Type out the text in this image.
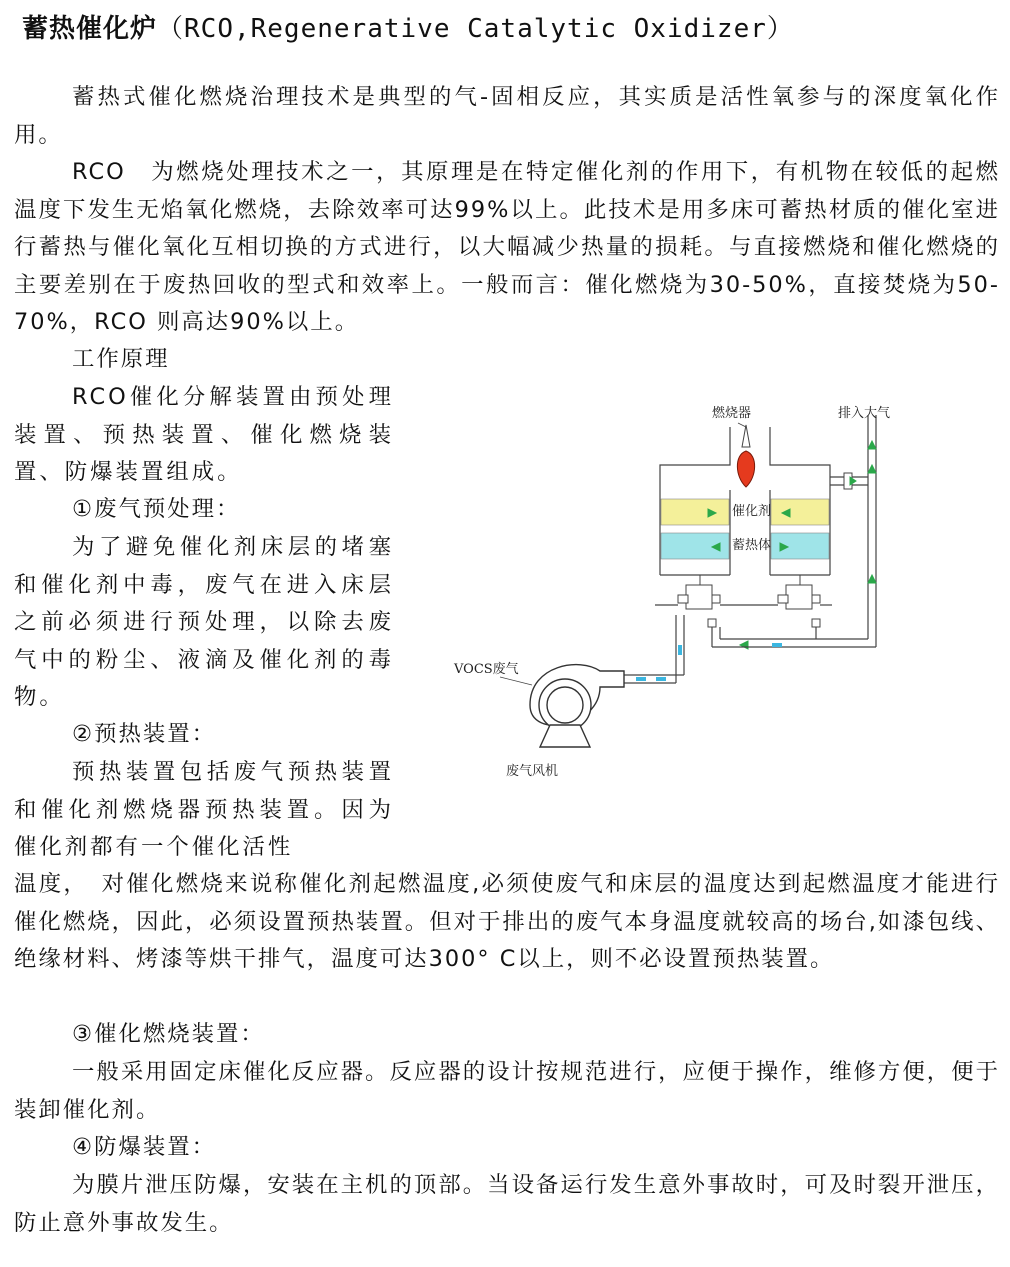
蓄热催化炉（RCO,Regenerative Catalytic Oxidizer）

蓄热式催化燃烧治理技术是典型的气-固相反应，其实质是活性氧参与的深度氧化作用。

RCO　为燃烧处理技术之一，其原理是在特定催化剂的作用下，有机物在较低的起燃温度下发生无焰氧化燃烧，去除效率可达99%以上。此技术是用多床可蓄热材质的催化室进行蓄热与催化氧化互相切换的方式进行，以大幅减少热量的损耗。与直接燃烧和催化燃烧的主要差别在于废热回收的型式和效率上。一般而言：催化燃烧为30-50%，直接焚烧为50-70%，RCO 则高达90%以上。

工作原理

RCO催化分解装置由预处理装置、预热装置、催化燃烧装置、防爆装置组成。

①废气预处理：

为了避免催化剂床层的堵塞和催化剂中毒，废气在进入床层之前必须进行预处理，以除去废气中的粉尘、液滴及催化剂的毒物。

②预热装置：

预热装置包括废气预热装置和催化剂燃烧器预热装置。因为催化剂都有一个催化活性

温度，　对催化燃烧来说称催化剂起燃温度,必须使废气和床层的温度达到起燃温度才能进行催化燃烧，因此，必须设置预热装置。但对于排出的废气本身温度就较高的场台,如漆包线、绝缘材料、烤漆等烘干排气，温度可达300° C以上，则不必设置预热装置。

③催化燃烧装置：

一般采用固定床催化反应器。反应器的设计按规范进行，应便于操作，维修方便，便于装卸催化剂。

④防爆装置：

为膜片泄压防爆，安装在主机的顶部。当设备运行发生意外事故时，可及时裂开泄压，防止意外事故发生。

燃烧器	排入大气
催化剂
蓄热体
VOCS废气
废气风机
